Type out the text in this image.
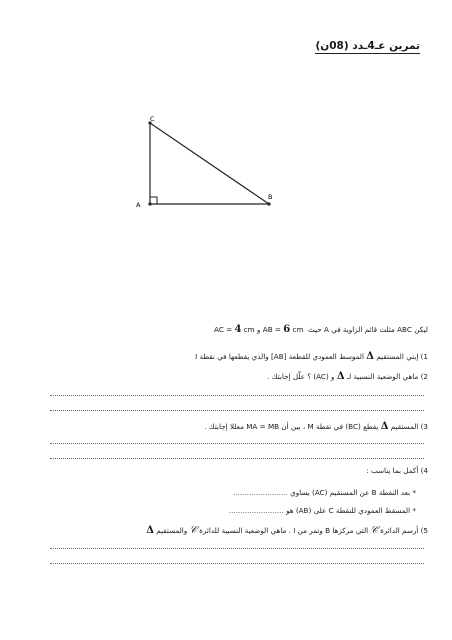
تمرين عـ4ـدد (08ن)
A
B
C
ليكن ABC مثلث قائم الزاوية في A حيث  AB = 6 cm و AC = 4 cm
1) إبني المستقيم Δ الموسط العمودي للقطعة [AB] والذي يقطعها في نقطة I
2) ماهي الوضعية النسبية لـ Δ و (AC) ؟ علّل إجابتك .
3) المستقيم Δ يقطع (BC) في نقطة M ، بين أن MA = MB معللا إجابتك .
4) أكمل بما يناسب :
* بعد النقطة B عن المستقيم (AC) يساوي ........................
* المسقط العمودي للنقطة C على (AB) هو ........................
5) أرسم الدائرة 𝒞 التي مركزها B وتمر من I . ماهي الوضعية النسبية للدائرة 𝒞 والمستقيم Δ
